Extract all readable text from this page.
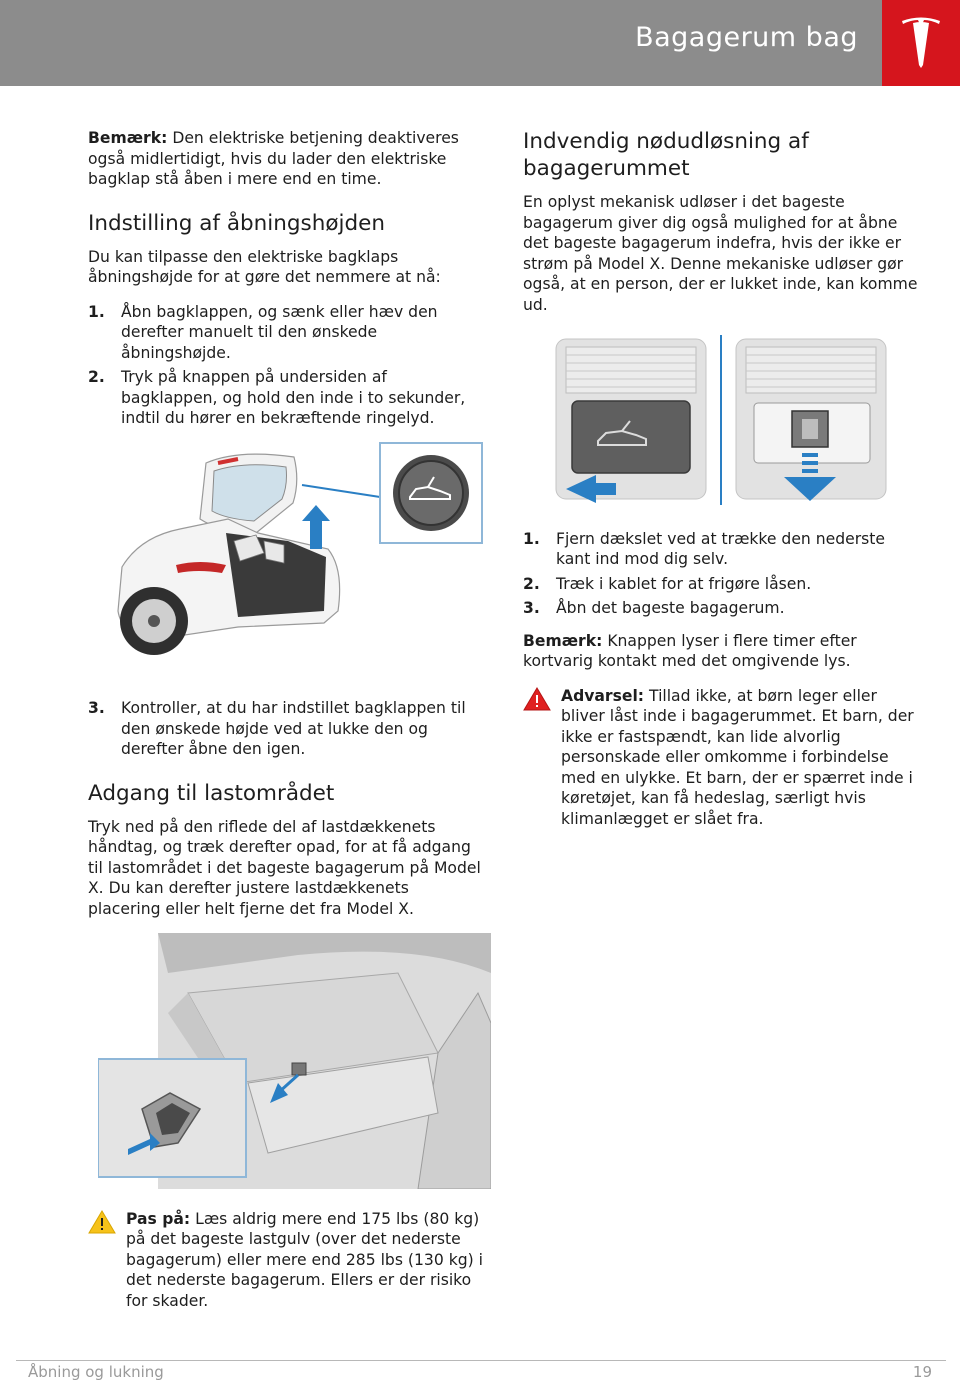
Bagagerum bag

Bemærk: Den elektriske betjening deaktiveres også midlertidigt, hvis du lader den elektriske bagklap stå åben i mere end en time.

Indstilling af åbningshøjden

Du kan tilpasse den elektriske bagklaps åbningshøjde for at gøre det nemmere at nå:

1. Åbn bagklappen, og sænk eller hæv den derefter manuelt til den ønskede åbningshøjde.
2. Tryk på knappen på undersiden af bagklappen, og hold den inde i to sekunder, indtil du hører en bekræftende ringelyd.
3. Kontroller, at du har indstillet bagklappen til den ønskede højde ved at lukke den og derefter åbne den igen.
Adgang til lastområdet

Tryk ned på den riflede del af lastdækkenets håndtag, og træk derefter opad, for at få adgang til lastområdet i det bageste bagagerum på Model X. Du kan derefter justere lastdækkenets placering eller helt fjerne det fra Model X.

Pas på: Læs aldrig mere end 175 lbs (80 kg) på det bageste lastgulv (over det nederste bagagerum) eller mere end 285 lbs (130 kg) i det nederste bagagerum. Ellers er der risiko for skader.
Indvendig nødudløsning af bagagerummet

En oplyst mekanisk udløser i det bageste bagagerum giver dig også mulighed for at åbne det bageste bagagerum indefra, hvis der ikke er strøm på Model X. Denne mekaniske udløser gør også, at en person, der er lukket inde, kan komme ud.

1. Fjern dækslet ved at trække den nederste kant ind mod dig selv.
2. Træk i kablet for at frigøre låsen.
3. Åbn det bageste bagagerum.

Bemærk: Knappen lyser i flere timer efter kortvarig kontakt med det omgivende lys.

Advarsel: Tillad ikke, at børn leger eller bliver låst inde i bagagerummet. Et barn, der ikke er fastspændt, kan lide alvorlig personskade eller omkomme i forbindelse med en ulykke. Et barn, der er spærret inde i køretøjet, kan få hedeslag, særligt hvis klimanlægget er slået fra.
Åbning og lukning	19
